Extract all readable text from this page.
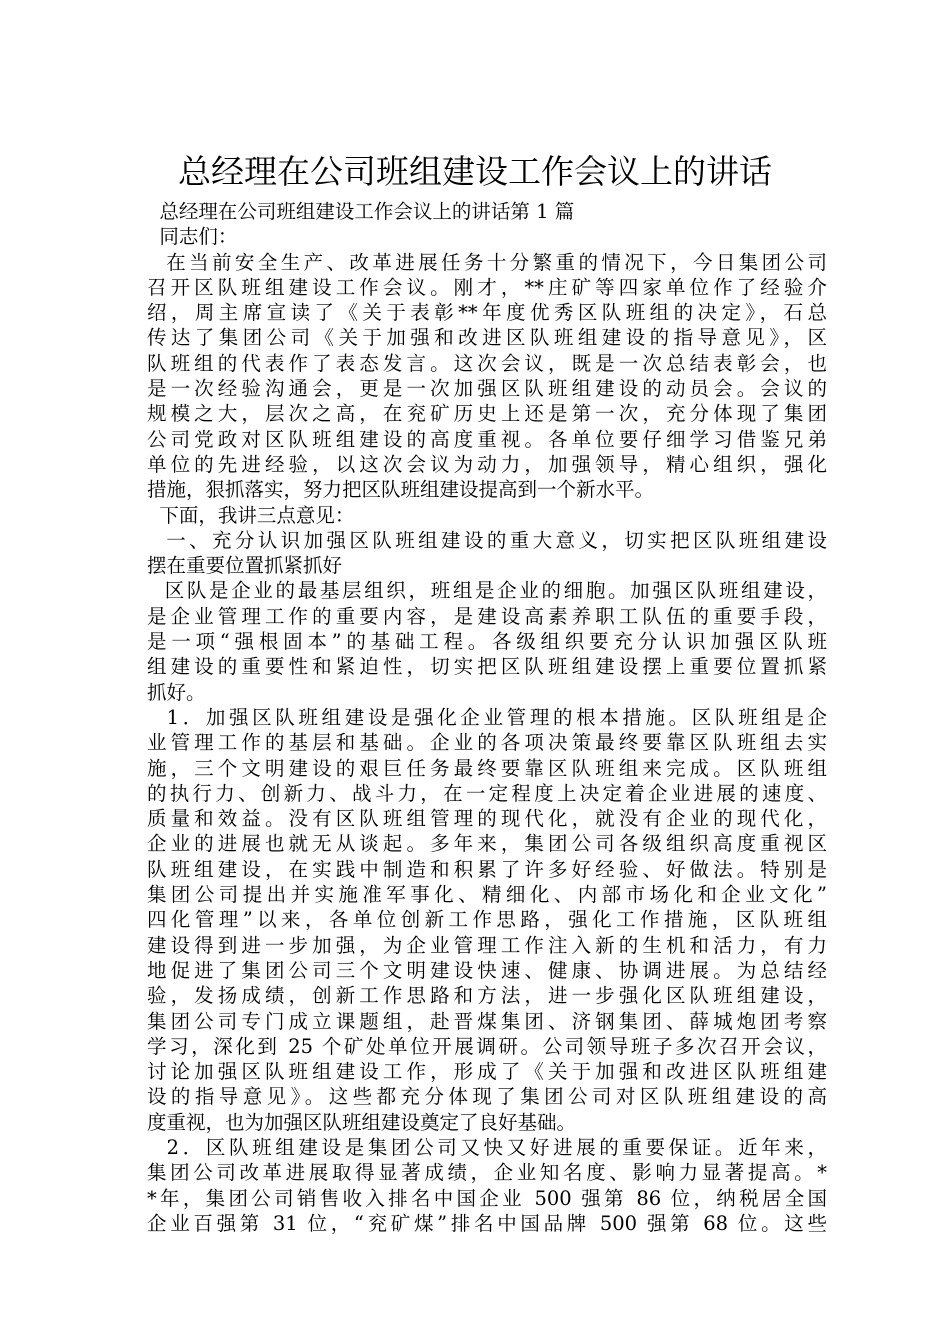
总经理在公司班组建设工作会议上的讲话
总经理在公司班组建设工作会议上的讲话第 1 篇
同志们：
在当前安全生产、改革进展任务十分繁重的情况下，今日集团公司
召开区队班组建设工作会议。刚才，**庄矿等四家单位作了经验介
绍，周主席宣读了《关于表彰**年度优秀区队班组的决定》，石总
传达了集团公司《关于加强和改进区队班组建设的指导意见》，区
队班组的代表作了表态发言。这次会议，既是一次总结表彰会，也
是一次经验沟通会，更是一次加强区队班组建设的动员会。会议的
规模之大，层次之高，在兖矿历史上还是第一次，充分体现了集团
公司党政对区队班组建设的高度重视。各单位要仔细学习借鉴兄弟
单位的先进经验，以这次会议为动力，加强领导，精心组织，强化
措施，狠抓落实，努力把区队班组建设提高到一个新水平。
下面，我讲三点意见：
一、充分认识加强区队班组建设的重大意义，切实把区队班组建设
摆在重要位置抓紧抓好
区队是企业的最基层组织，班组是企业的细胞。加强区队班组建设，
是企业管理工作的重要内容，是建设高素养职工队伍的重要手段，
是一项“强根固本”的基础工程。各级组织要充分认识加强区队班
组建设的重要性和紧迫性，切实把区队班组建设摆上重要位置抓紧
抓好。
1．加强区队班组建设是强化企业管理的根本措施。区队班组是企
业管理工作的基层和基础。企业的各项决策最终要靠区队班组去实
施，三个文明建设的艰巨任务最终要靠区队班组来完成。区队班组
的执行力、创新力、战斗力，在一定程度上决定着企业进展的速度、
质量和效益。没有区队班组管理的现代化，就没有企业的现代化，
企业的进展也就无从谈起。多年来，集团公司各级组织高度重视区
队班组建设，在实践中制造和积累了许多好经验、好做法。特别是
集团公司提出并实施准军事化、精细化、内部市场化和企业文化”
四化管理”以来，各单位创新工作思路，强化工作措施，区队班组
建设得到进一步加强，为企业管理工作注入新的生机和活力，有力
地促进了集团公司三个文明建设快速、健康、协调进展。为总结经
验，发扬成绩，创新工作思路和方法，进一步强化区队班组建设，
集团公司专门成立课题组，赴晋煤集团、济钢集团、薛城炮团考察
学习，深化到 25 个矿处单位开展调研。公司领导班子多次召开会议，
讨论加强区队班组建设工作，形成了《关于加强和改进区队班组建
设的指导意见》。这些都充分体现了集团公司对区队班组建设的高
度重视，也为加强区队班组建设奠定了良好基础。
2．区队班组建设是集团公司又快又好进展的重要保证。近年来，
集团公司改革进展取得显著成绩，企业知名度、影响力显著提高。*
*年，集团公司销售收入排名中国企业 500 强第 86 位，纳税居全国
企业百强第 31 位，“兖矿煤”排名中国品牌 500 强第 68 位。这些
